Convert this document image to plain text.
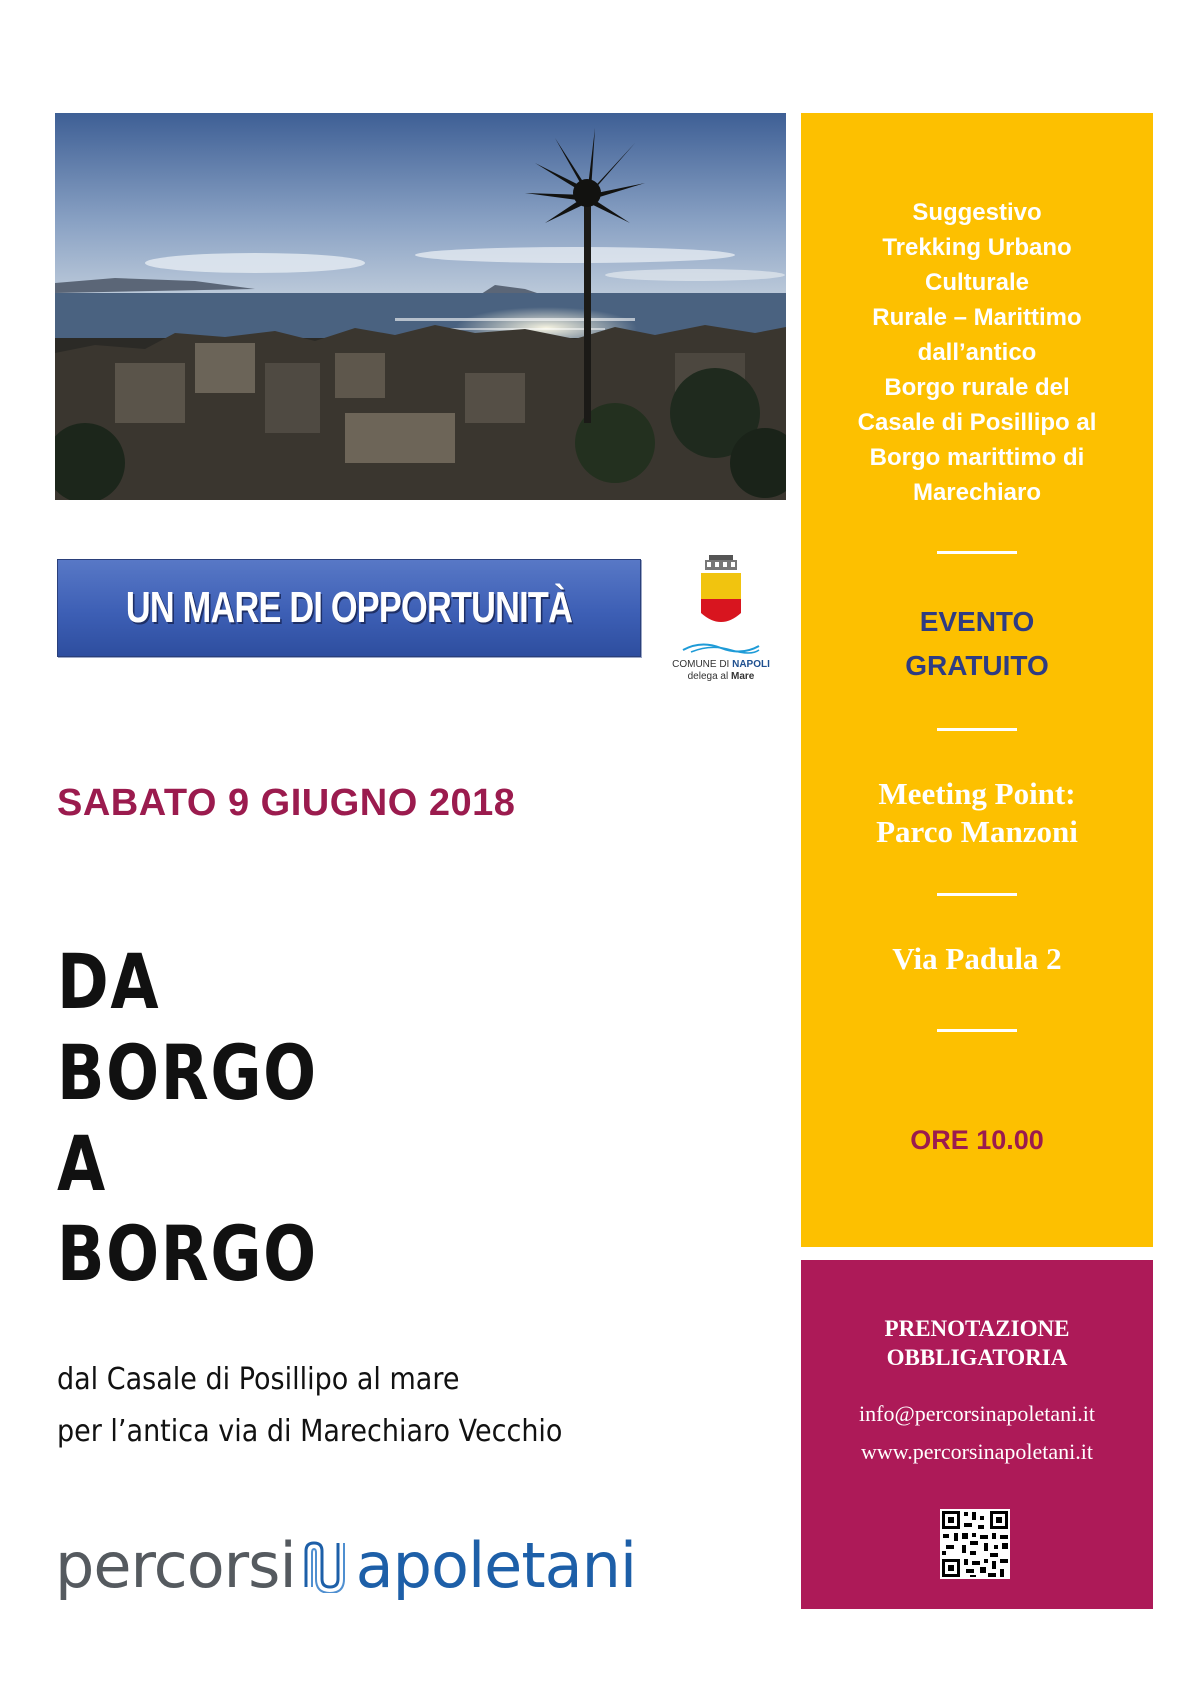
UN MARE DI OPPORTUNITÀ

COMUNE DI NAPOLI
delega al Mare
SABATO 9 GIUGNO 2018
DA
BORGO
A
BORGO
dal Casale di Posillipo al mare
per l’antica via di Marechiaro Vecchio
percorsi apoletani
Suggestivo
Trekking Urbano
Culturale
Rurale – Marittimo
dall’antico
Borgo rurale del
Casale di Posillipo al
Borgo marittimo di
Marechiaro
EVENTO
GRATUITO
Meeting Point:
Parco Manzoni
Via Padula 2
ORE 10.00
PRENOTAZIONE
OBBLIGATORIA
info@percorsinapoletani.it
www.percorsinapoletani.it
